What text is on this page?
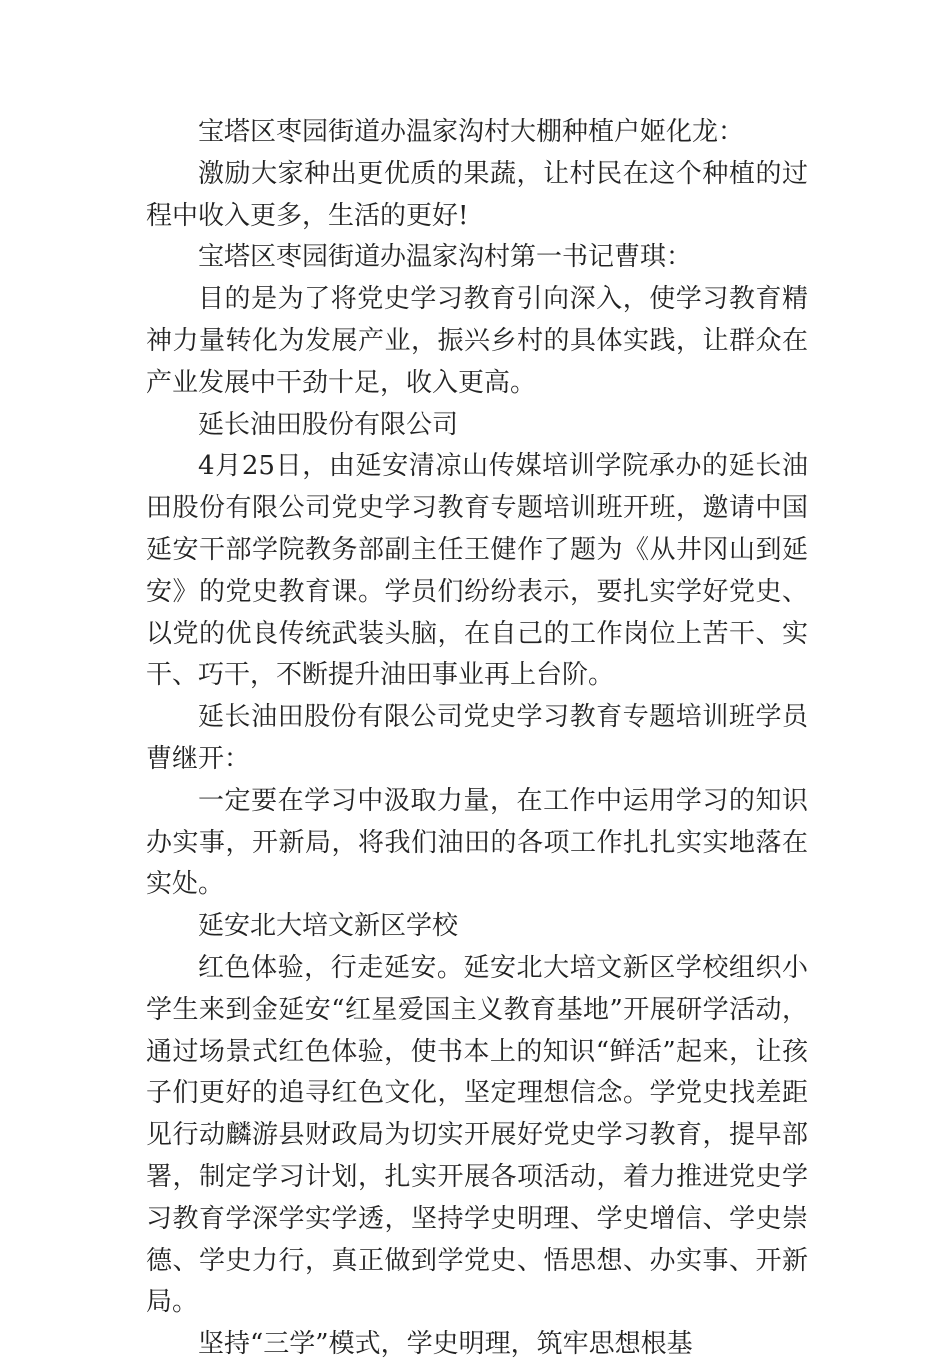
宝塔区枣园街道办温家沟村大棚种植户姬化龙：

激励大家种出更优质的果蔬，让村民在这个种植的过程中收入更多，生活的更好!

宝塔区枣园街道办温家沟村第一书记曹琪：

目的是为了将党史学习教育引向深入，使学习教育精神力量转化为发展产业，振兴乡村的具体实践，让群众在产业发展中干劲十足，收入更高。

延长油田股份有限公司

4月25日，由延安清凉山传媒培训学院承办的延长油田股份有限公司党史学习教育专题培训班开班，邀请中国延安干部学院教务部副主任王健作了题为《从井冈山到延安》的党史教育课。学员们纷纷表示，要扎实学好党史、以党的优良传统武装头脑，在自己的工作岗位上苦干、实干、巧干，不断提升油田事业再上台阶。

延长油田股份有限公司党史学习教育专题培训班学员曹继开：

一定要在学习中汲取力量，在工作中运用学习的知识办实事，开新局，将我们油田的各项工作扎扎实实地落在实处。

延安北大培文新区学校

红色体验，行走延安。延安北大培文新区学校组织小学生来到金延安“红星爱国主义教育基地”开展研学活动，通过场景式红色体验，使书本上的知识“鲜活”起来，让孩子们更好的追寻红色文化，坚定理想信念。学党史找差距见行动麟游县财政局为切实开展好党史学习教育，提早部署，制定学习计划，扎实开展各项活动，着力推进党史学习教育学深学实学透，坚持学史明理、学史增信、学史崇德、学史力行，真正做到学党史、悟思想、办实事、开新局。

坚持“三学”模式，学史明理，筑牢思想根基
